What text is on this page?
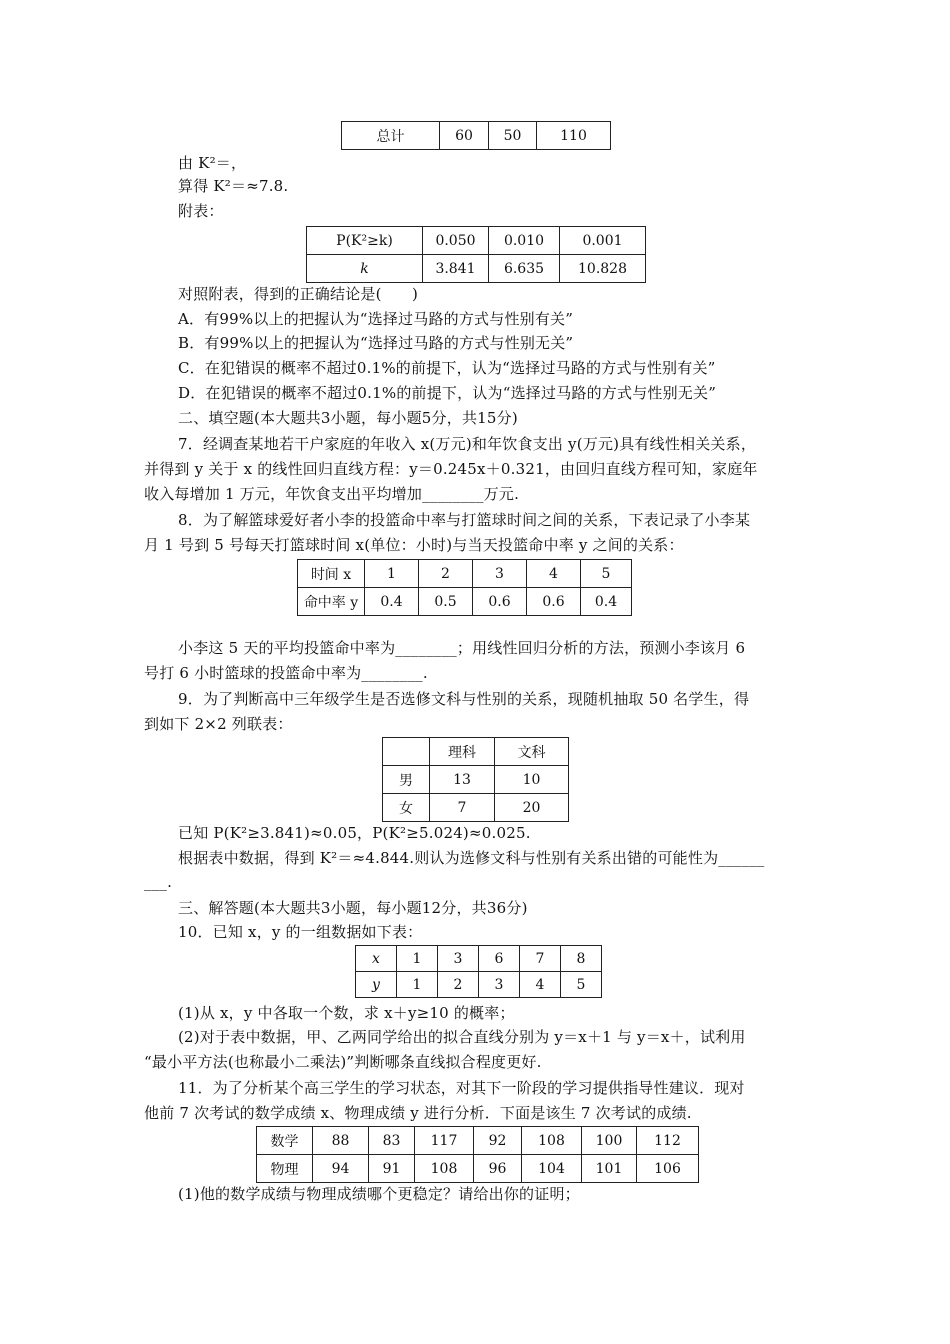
总计	60	50	110
由 K²＝，
算得 K²＝≈7.8.
附表：
P(K²≥k)	0.050	0.010	0.001
k	3.841	6.635	10.828
对照附表，得到的正确结论是(　　)
A．有99%以上的把握认为“选择过马路的方式与性别有关”
B．有99%以上的把握认为“选择过马路的方式与性别无关”
C．在犯错误的概率不超过0.1%的前提下，认为“选择过马路的方式与性别有关”
D．在犯错误的概率不超过0.1%的前提下，认为“选择过马路的方式与性别无关”
二、填空题(本大题共3小题，每小题5分，共15分)
7．经调查某地若干户家庭的年收入 x(万元)和年饮食支出 y(万元)具有线性相关关系，
并得到 y 关于 x 的线性回归直线方程：y＝0.245x＋0.321，由回归直线方程可知，家庭年
收入每增加 1 万元，年饮食支出平均增加________万元.
8．为了解篮球爱好者小李的投篮命中率与打篮球时间之间的关系，下表记录了小李某
月 1 号到 5 号每天打篮球时间 x(单位：小时)与当天投篮命中率 y 之间的关系：
时间 x	1	2	3	4	5
命中率 y	0.4	0.5	0.6	0.6	0.4
小李这 5 天的平均投篮命中率为________；用线性回归分析的方法，预测小李该月 6
号打 6 小时篮球的投篮命中率为________.
9．为了判断高中三年级学生是否选修文科与性别的关系，现随机抽取 50 名学生，得
到如下 2×2 列联表：
	理科	文科
男	13	10
女	7	20
已知 P(K²≥3.841)≈0.05，P(K²≥5.024)≈0.025.
根据表中数据，得到 K²＝≈4.844.则认为选修文科与性别有关系出错的可能性为______
___.
三、解答题(本大题共3小题，每小题12分，共36分)
10．已知 x，y 的一组数据如下表：
x	1	3	6	7	8
y	1	2	3	4	5
(1)从 x，y 中各取一个数，求 x＋y≥10 的概率；
(2)对于表中数据，甲、乙两同学给出的拟合直线分别为 y＝x＋1 与 y＝x＋，试利用
“最小平方法(也称最小二乘法)”判断哪条直线拟合程度更好.
11．为了分析某个高三学生的学习状态，对其下一阶段的学习提供指导性建议．现对
他前 7 次考试的数学成绩 x、物理成绩 y 进行分析．下面是该生 7 次考试的成绩.
数学	88	83	117	92	108	100	112
物理	94	91	108	96	104	101	106
(1)他的数学成绩与物理成绩哪个更稳定？请给出你的证明；
